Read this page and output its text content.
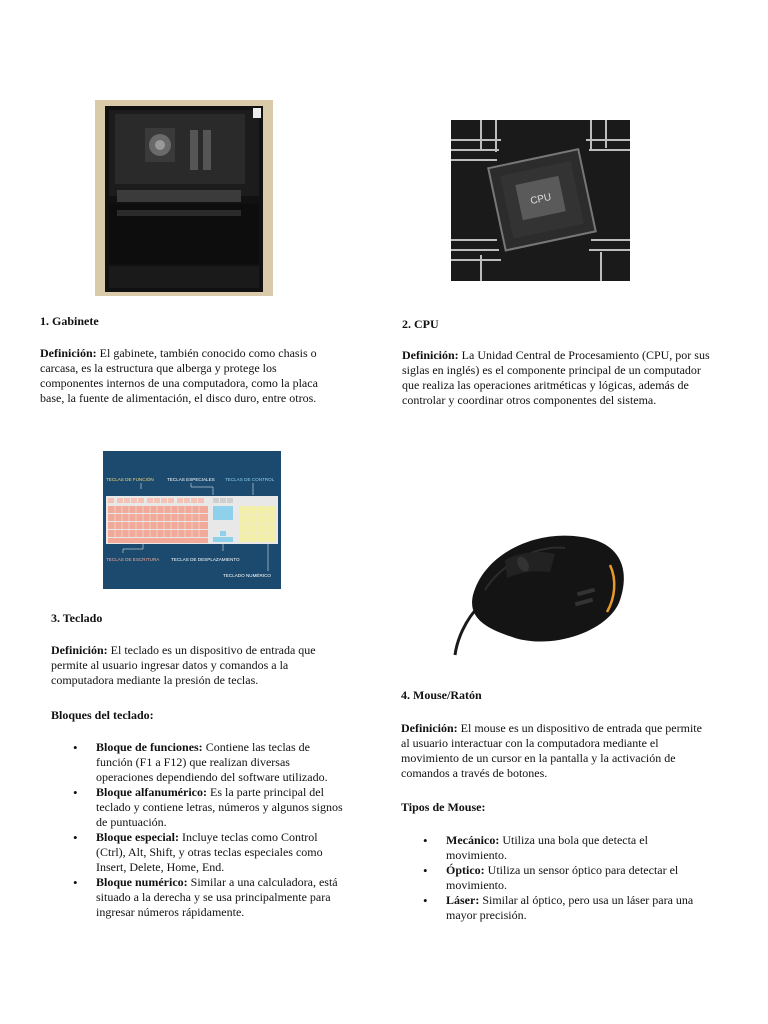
CPU
1. Gabinete
Definición: El gabinete, también conocido como chasis o carcasa, es la estructura que alberga y protege los componentes internos de una computadora, como la placa base, la fuente de alimentación, el disco duro, entre otros.
2. CPU
Definición: La Unidad Central de Procesamiento (CPU, por sus siglas en inglés) es el componente principal de un computador que realiza las operaciones aritméticas y lógicas, además de controlar y coordinar otros componentes del sistema.
TECLAS DE FUNCIÓN	TECLAS ESPECIALES TECLAS DE CONTROL
TECLAS DE ESCRITURA	TECLAS DE DESPLAZAMIENTO
TECLADO NUMÉRICO
3. Teclado
Definición: El teclado es un dispositivo de entrada que permite al usuario ingresar datos y comandos a la computadora mediante la presión de teclas.
Bloques del teclado:
• Bloque de funciones: Contiene las teclas de función (F1 a F12) que realizan diversas operaciones dependiendo del software utilizado.
• Bloque alfanumérico: Es la parte principal del teclado y contiene letras, números y algunos signos de puntuación.
• Bloque especial: Incluye teclas como Control (Ctrl), Alt, Shift, y otras teclas especiales como Insert, Delete, Home, End.
• Bloque numérico: Similar a una calculadora, está situado a la derecha y se usa principalmente para ingresar números rápidamente.
4. Mouse/Ratón
Definición: El mouse es un dispositivo de entrada que permite al usuario interactuar con la computadora mediante el movimiento de un cursor en la pantalla y la activación de comandos a través de botones.
Tipos de Mouse:
• Mecánico: Utiliza una bola que detecta el movimiento.
• Óptico: Utiliza un sensor óptico para detectar el movimiento.
• Láser: Similar al óptico, pero usa un láser para una mayor precisión.
